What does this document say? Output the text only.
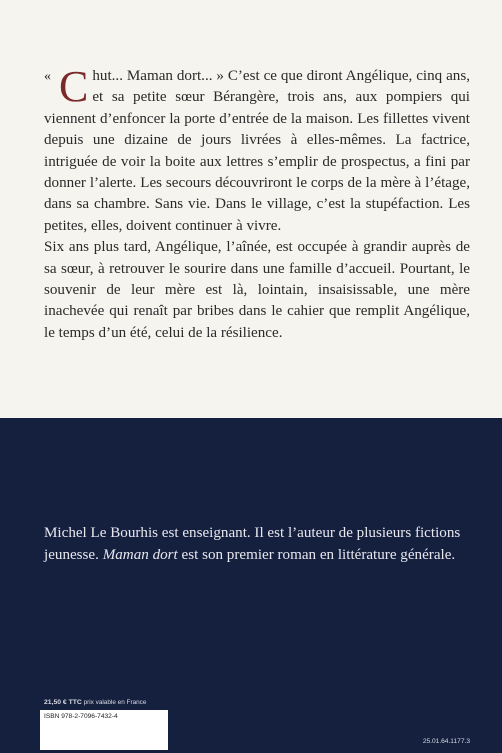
« C hut... Maman dort... » C’est ce que diront Angélique, cinq ans, et sa petite sœur Bérangère, trois ans, aux pompiers qui viennent d’enfoncer la porte d’entrée de la maison. Les fillettes vivent depuis une dizaine de jours livrées à elles-mêmes. La factrice, intriguée de voir la boite aux lettres s’emplir de prospectus, a fini par donner l’alerte. Les secours découvriront le corps de la mère à l’étage, dans sa chambre. Sans vie. Dans le village, c’est la stupéfaction. Les petites, elles, doivent continuer à vivre.

Six ans plus tard, Angélique, l’aînée, est occupée à grandir auprès de sa sœur, à retrouver le sourire dans une famille d’accueil. Pourtant, le souvenir de leur mère est là, lointain, insaisissable, une mère inachevée qui renaît par bribes dans le cahier que remplit Angélique, le temps d’un été, celui de la résilience.

Michel Le Bourhis est enseignant. Il est l’auteur de plusieurs fictions jeunesse. Maman dort est son premier roman en littérature générale.

21,50 € TTC prix valable en France
ISBN 978-2-7096-7432-4
25.01.64.1177.3
